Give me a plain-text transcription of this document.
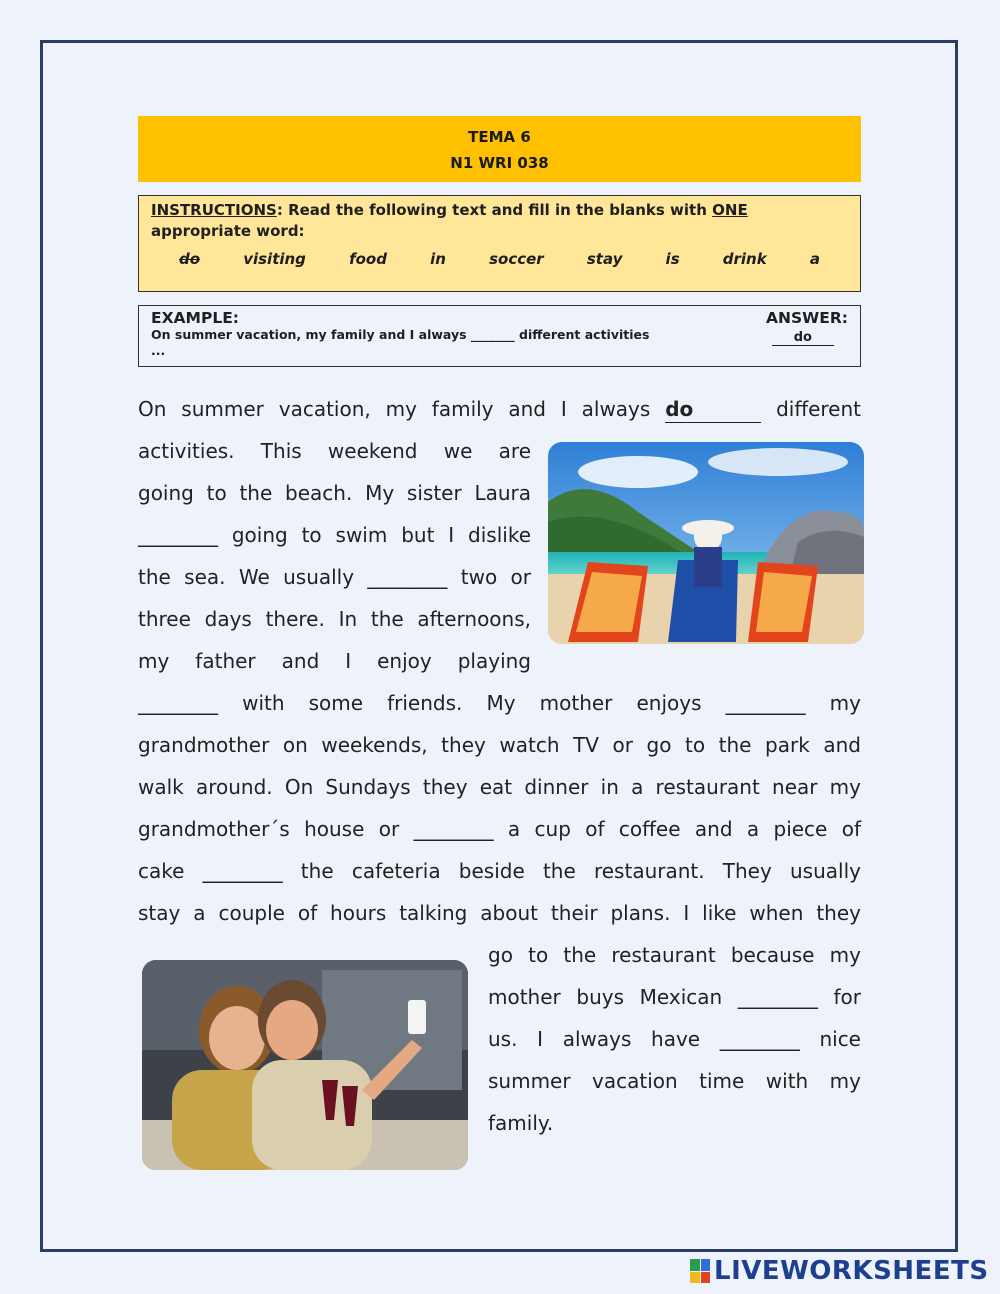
TEMA 6
N1 WRI 038
INSTRUCTIONS: Read the following text and fill in the blanks with ONE appropriate word:
do	visiting	food	in	soccer	stay	is	drink	a
EXAMPLE:	ANSWER:
On summer vacation, my family and I always _______ different activities ...
do
On summer vacation, my family and I always do	different
activities. This weekend we are
going to the beach. My sister Laura
________ going to swim but I dislike
the sea. We usually ________ two or
three days there. In the afternoons,
my father and I enjoy playing
________ with some friends. My mother enjoys ________ my
grandmother on weekends, they watch TV or go to the park and
walk around. On Sundays they eat dinner in a restaurant near my
grandmother´s house or ________ a cup of coffee and a piece of
cake ________ the cafeteria beside the restaurant. They usually
stay a couple of hours talking about their plans. I like when they
go to the restaurant because my
mother buys Mexican ________ for
us. I always have ________ nice
summer vacation time with my
family.
LIVEWORKSHEETS
